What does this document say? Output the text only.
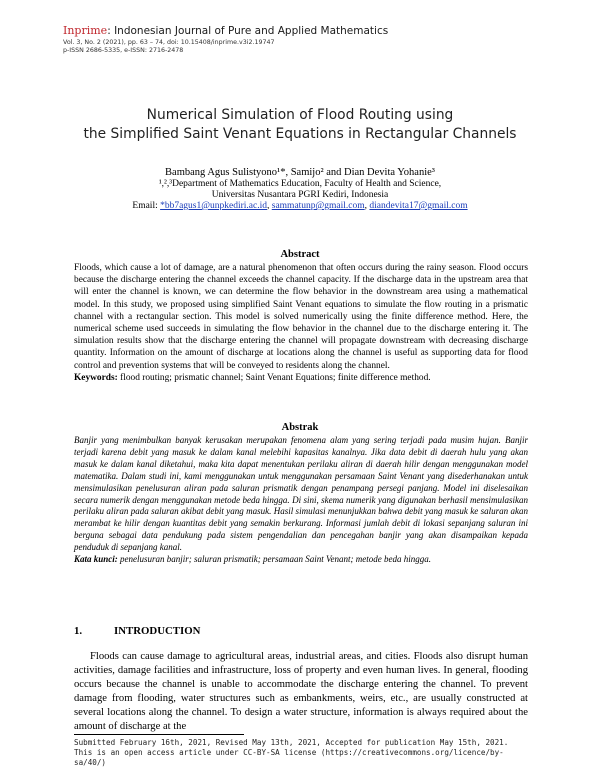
Inprime: Indonesian Journal of Pure and Applied Mathematics
Vol. 3, No. 2 (2021), pp. 63 – 74, doi: 10.15408/inprime.v3i2.19747
p-ISSN 2686-5335, e-ISSN: 2716-2478
Numerical Simulation of Flood Routing using
the Simplified Saint Venant Equations in Rectangular Channels
Bambang Agus Sulistyono¹*, Samijo² and Dian Devita Yohanie³
¹,²,³Department of Mathematics Education, Faculty of Health and Science,
Universitas Nusantara PGRI Kediri, Indonesia
Email: *bb7agus1@unpkediri.ac.id, sammatunp@gmail.com, diandevita17@gmail.com
Abstract
Floods, which cause a lot of damage, are a natural phenomenon that often occurs during the rainy season. Flood occurs because the discharge entering the channel exceeds the channel capacity. If the discharge data in the upstream area that will enter the channel is known, we can determine the flow behavior in the downstream area using a mathematical model. In this study, we proposed using simplified Saint Venant equations to simulate the flow routing in a prismatic channel with a rectangular section. This model is solved numerically using the finite difference method. Here, the numerical scheme used succeeds in simulating the flow behavior in the channel due to the discharge entering it. The simulation results show that the discharge entering the channel will propagate downstream with decreasing discharge quantity. Information on the amount of discharge at locations along the channel is useful as supporting data for flood control and prevention systems that will be conveyed to residents along the channel.
Keywords: flood routing; prismatic channel; Saint Venant Equations; finite difference method.
Abstrak
Banjir yang menimbulkan banyak kerusakan merupakan fenomena alam yang sering terjadi pada musim hujan. Banjir terjadi karena debit yang masuk ke dalam kanal melebihi kapasitas kanalnya. Jika data debit di daerah hulu yang akan masuk ke dalam kanal diketahui, maka kita dapat menentukan perilaku aliran di daerah hilir dengan menggunakan model matematika. Dalam studi ini, kami menggunakan untuk menggunakan persamaan Saint Venant yang disederhanakan untuk mensimulasikan penelusuran aliran pada saluran prismatik dengan penampang persegi panjang. Model ini diselesaikan secara numerik dengan menggunakan metode beda hingga. Di sini, skema numerik yang digunakan berhasil mensimulasikan perilaku aliran pada saluran akibat debit yang masuk. Hasil simulasi menunjukkan bahwa debit yang masuk ke saluran akan merambat ke hilir dengan kuantitas debit yang semakin berkurang. Informasi jumlah debit di lokasi sepanjang saluran ini berguna sebagai data pendukung pada sistem pengendalian dan pencegahan banjir yang akan disampaikan kepada penduduk di sepanjang kanal.
Kata kunci: penelusuran banjir; saluran prismatik; persamaan Saint Venant; metode beda hingga.
1.	INTRODUCTION
Floods can cause damage to agricultural areas, industrial areas, and cities. Floods also disrupt human activities, damage facilities and infrastructure, loss of property and even human lives. In general, flooding occurs because the channel is unable to accommodate the discharge entering the channel. To prevent damage from flooding, water structures such as embankments, weirs, etc., are usually constructed at several locations along the channel. To design a water structure, information is always required about the amount of discharge at the
Submitted February 16th, 2021, Revised May 13th, 2021, Accepted for publication May 15th, 2021.
This is an open access article under CC-BY-SA license (https://creativecommons.org/licence/by-sa/40/)
